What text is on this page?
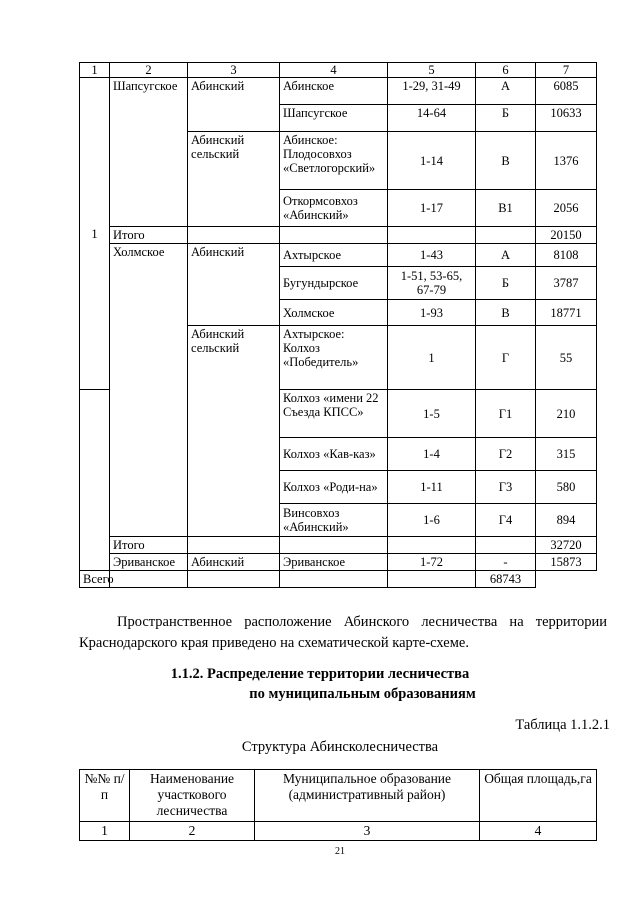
1	2	3	4	5	6	7
1	Шапсугское	Абинский	Абинское	1-29, 31-49	А	6085
			Шапсугское	14-64	Б	10633
		Абинский сельский	Абинское: Плодосовхоз «Светлогорский»	1-14	В	1376
			Откормсовхоз «Абинский»	1-17	В1	2056
	Итого					20150
	Холмское	Абинский	Ахтырское	1-43	А	8108
			Бугундырское	1-51, 53-65, 67-79	Б	3787
			Холмское	1-93	В	18771
		Абинский сельский	Ахтырское: Колхоз «Победитель»	1	Г	55
			Колхоз «имени 22 Съезда КПСС»	1-5	Г1	210
			Колхоз «Кав-каз»	1-4	Г2	315
			Колхоз «Роди-на»	1-11	Г3	580
			Винсовхоз «Абинский»	1-6	Г4	894
	Итого					32720
	Эриванское	Абинский	Эриванское	1-72	-	15873
Всего					68743	

Пространственное расположение Абинского лесничества на территории Краснодарского края приведено на схематической карте-схеме.

1.1.2. Распределение территории лесничества

по муниципальным образованиям

Таблица 1.1.2.1

Структура Абинсколесничества

№№ п/п	Наименование участкового лесничества	Муниципальное образование (административный район)	Общая площадь,га
1	2	3	4
21
